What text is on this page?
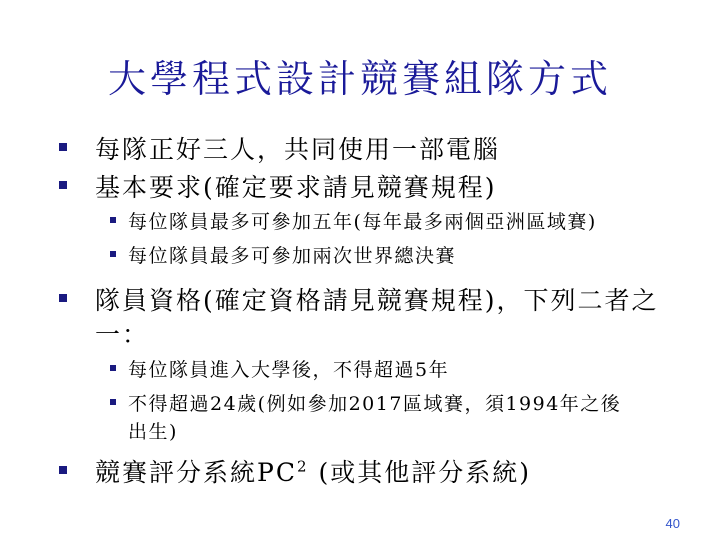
大學程式設計競賽組隊方式
每隊正好三人，共同使用一部電腦
基本要求(確定要求請見競賽規程)
每位隊員最多可參加五年(每年最多兩個亞洲區域賽)
每位隊員最多可參加兩次世界總決賽
隊員資格(確定資格請見競賽規程)，下列二者之
一：
每位隊員進入大學後，不得超過5年
不得超過24歲(例如參加2017區域賽，須1994年之後
出生)
競賽評分系統$PC^2$ (或其他評分系統)
40
